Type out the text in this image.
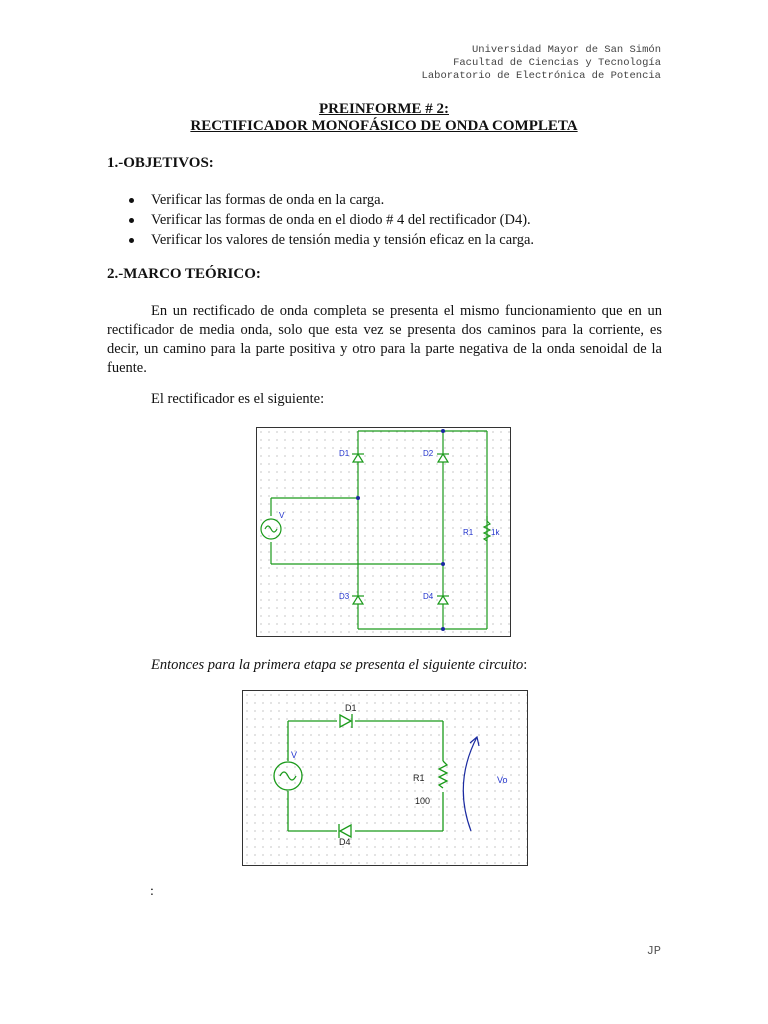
Universidad Mayor de San Simón
Facultad de Ciencias y Tecnología
Laboratorio de Electrónica de Potencia
PREINFORME # 2:
RECTIFICADOR MONOFÁSICO DE ONDA COMPLETA
1.-OBJETIVOS:
Verificar las formas de onda en la carga.
Verificar las formas de onda en el diodo # 4 del rectificador (D4).
Verificar los valores de tensión media y tensión eficaz en la carga.
2.-MARCO TEÓRICO:
En un rectificado de onda completa se presenta el mismo funcionamiento que en un rectificador de media onda, solo que esta vez se presenta dos caminos para la corriente, es decir, un camino para la parte positiva y otro para la parte negativa de la onda senoidal de la fuente.
El rectificador es el siguiente:
D1	D2
D3	D4
V
R1 1k
Entonces para la primera etapa se presenta el siguiente circuito:
D1
D4
V
R1
100
Vo
:
JP
